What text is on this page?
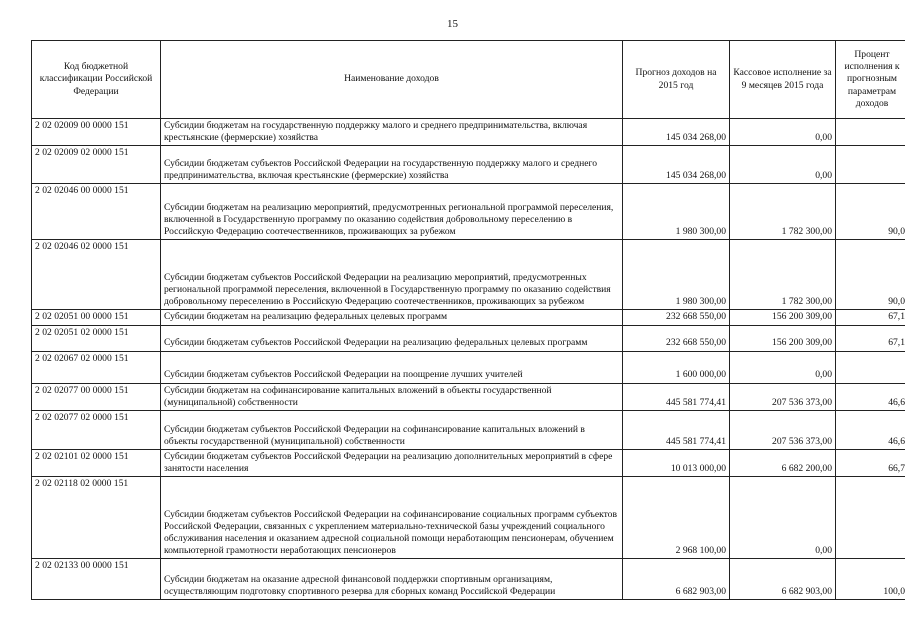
15
Код бюджетной классификации Российской Федерации	Наименование доходов	Прогноз доходов на 2015 год	Кассовое исполнение за 9 месяцев 2015 года	Процент исполнения к прогнозным параметрам доходов
2 02 02009 00 0000 151	Субсидии бюджетам на государственную поддержку малого и среднего предпринимательства, включая крестьянские (фермерские) хозяйства	145 034 268,00	0,00	
2 02 02009 02 0000 151	Субсидии бюджетам субъектов Российской Федерации на государственную поддержку малого и среднего предпринимательства, включая крестьянские (фермерские) хозяйства	145 034 268,00	0,00	
2 02 02046 00 0000 151	Субсидии бюджетам на реализацию мероприятий, предусмотренных региональной программой переселения, включенной в Государственную программу по оказанию содействия добровольному переселению в Российскую Федерацию соотечественников, проживающих за рубежом	1 980 300,00	1 782 300,00	90,0
2 02 02046 02 0000 151	Субсидии бюджетам субъектов Российской Федерации на реализацию мероприятий, предусмотренных региональной программой переселения, включенной в Государственную программу по оказанию содействия добровольному переселению в Российскую Федерацию соотечественников, проживающих за рубежом	1 980 300,00	1 782 300,00	90,0
2 02 02051 00 0000 151	Субсидии бюджетам на реализацию федеральных целевых программ	232 668 550,00	156 200 309,00	67,1
2 02 02051 02 0000 151	Субсидии бюджетам субъектов Российской Федерации на реализацию федеральных целевых программ	232 668 550,00	156 200 309,00	67,1
2 02 02067 02 0000 151	Субсидии бюджетам субъектов Российской Федерации на поощрение лучших учителей	1 600 000,00	0,00	
2 02 02077 00 0000 151	Субсидии бюджетам на софинансирование капитальных вложений в объекты государственной (муниципальной) собственности	445 581 774,41	207 536 373,00	46,6
2 02 02077 02 0000 151	Субсидии бюджетам субъектов Российской Федерации на софинансирование капитальных вложений в объекты государственной (муниципальной) собственности	445 581 774,41	207 536 373,00	46,6
2 02 02101 02 0000 151	Субсидии бюджетам субъектов Российской Федерации на реализацию дополнительных мероприятий в сфере занятости населения	10 013 000,00	6 682 200,00	66,7
2 02 02118 02 0000 151	Субсидии бюджетам субъектов Российской Федерации на софинансирование социальных программ субъектов Российской Федерации, связанных с укреплением материально-технической базы учреждений социального обслуживания населения и оказанием адресной социальной помощи неработающим пенсионерам, обучением компьютерной грамотности неработающих пенсионеров	2 968 100,00	0,00	
2 02 02133 00 0000 151	Субсидии бюджетам на оказание адресной финансовой поддержки спортивным организациям, осуществляющим подготовку спортивного резерва для сборных команд Российской Федерации	6 682 903,00	6 682 903,00	100,0
